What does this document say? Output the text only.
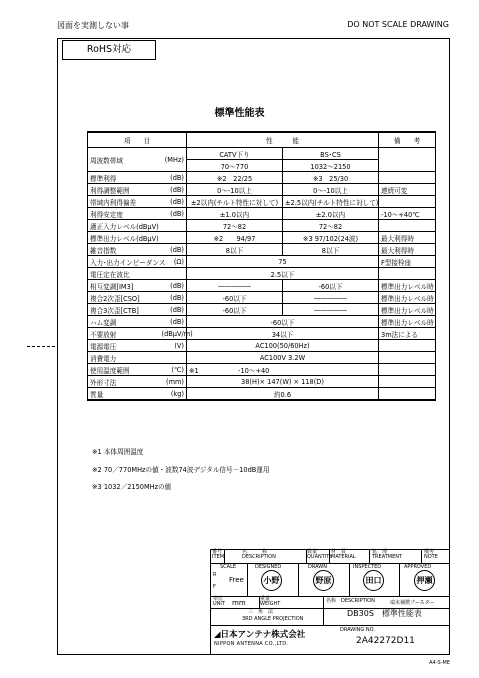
図面を実測しない事	DO NOT SCALE DRAWING
RoHS対応
標準性能表
項　　目		性　　　能		備　　考
周波数帯域	(MHz)	CATV下り	BS･CS	
		70～770	1032～2150	
標準利得	(dB)	※2　22/25	※3　25/30	
利得調整範囲	(dB)	0～-10以上	0～-10以上	連続可変
帯域内利得偏差	(dB)	±2以内(チルト特性に対して)	±2.5以内(チルト特性に対して)	
利得安定度	(dB)	±1.0以内	±2.0以内	-10～+40℃
適正入力レベル(dBμV)		72～82	72～82	
標準出力レベル(dBμV)		※2　　94/97	※3 97/102(24波)	最大利得時
雑音指数	(dB)	8以下	8以下	最大利得時
入力･出力インピーダンス	(Ω)	75		F型接栓座
電圧定在波比		2.5以下		
相互変調[IM3]	(dB)	―――――	-60以下	標準出力レベル時
複合2次歪[CSO]	(dB)	-60以下	―――――	標準出力レベル時
複合3次歪[CTB]	(dB)	-60以下	―――――	標準出力レベル時
ハム変調	(dB)	-60以下		標準出力レベル時
不要放射	(dBμV/m)	34以下		3m法による
電源電圧	(V)	AC100(50/60Hz)		
消費電力		AC100V 3.2W		
使用温度範囲	(℃)	※1 -10～+40		
外形寸法	(mm)	38(H)× 147(W) × 118(D)		
質量	(kg)	約0.6		
※1 本体周囲温度
※2 70／770MHzの値・波数74波デジタル信号－10dB運用
※3 1032／2150MHzの値
番号
ITEM
名　　　称
DESCRIPTION
数量
QUANTITY
材　質
MATERIAL
処　理
TREATMENT
備考
NOTE
SCALE
R
F
Free
DESIGNED	DRAWN	INSPECTED	APPROVED
小野	野原	田口	押瀬
単位
UNIT mm	重量
WEIGHT
三　角　法
3RD ANGLE PROJECTION
名称　DESCRIPTION	端末補償ブースター
DB30S　標準性能表
DRAWING NO.
2A42272D11
◢日本アンテナ株式会社
NIPPON ANTENNA CO.,LTD.
A4-S-ME
